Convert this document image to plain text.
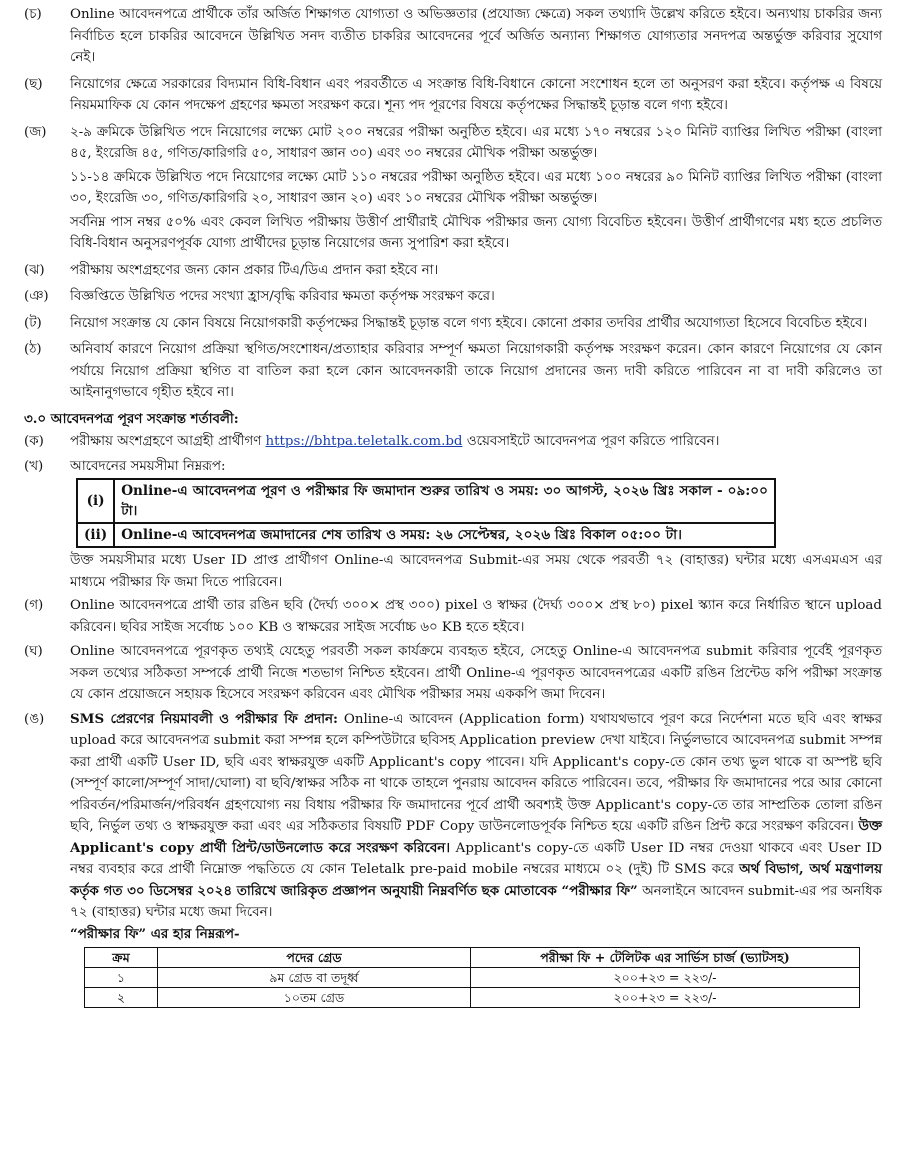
(চ)	Online আবেদনপত্রে প্রার্থীকে তাঁর অর্জিত শিক্ষাগত যোগ্যতা ও অভিজ্ঞতার (প্রযোজ্য ক্ষেত্রে) সকল তথ্যাদি উল্লেখ করিতে হইবে। অন্যথায় চাকরির জন্য নির্বাচিত হলে চাকরির আবেদনে উল্লিখিত সনদ ব্যতীত চাকরির আবেদনের পূর্বে অর্জিত অন্যান্য শিক্ষাগত যোগ্যতার সনদপত্র অন্তর্ভুক্ত করিবার সুযোগ নেই।

(ছ)	নিয়োগের ক্ষেত্রে সরকারের বিদ্যমান বিধি-বিধান এবং পরবর্তীতে এ সংক্রান্ত বিধি-বিধানে কোনো সংশোধন হলে তা অনুসরণ করা হইবে। কর্তৃপক্ষ এ বিষয়ে নিয়মমাফিক যে কোন পদক্ষেপ গ্রহণের ক্ষমতা সংরক্ষণ করে। শূন্য পদ পূরণের বিষয়ে কর্তৃপক্ষের সিদ্ধান্তই চূড়ান্ত বলে গণ্য হইবে।

(জ)	২-৯ ক্রমিকে উল্লিখিত পদে নিয়োগের লক্ষ্যে মোট ২০০ নম্বরের পরীক্ষা অনুষ্ঠিত হইবে। এর মধ্যে ১৭০ নম্বরের ১২০ মিনিট ব্যাপ্তির লিখিত পরীক্ষা (বাংলা ৪৫, ইংরেজি ৪৫, গণিত/কারিগরি ৫০, সাধারণ জ্ঞান ৩০) এবং ৩০ নম্বরের মৌখিক পরীক্ষা অন্তর্ভুক্ত।

১১-১৪ ক্রমিকে উল্লিখিত পদে নিয়োগের লক্ষ্যে মোট ১১০ নম্বরের পরীক্ষা অনুষ্ঠিত হইবে। এর মধ্যে ১০০ নম্বরের ৯০ মিনিট ব্যাপ্তির লিখিত পরীক্ষা (বাংলা ৩০, ইংরেজি ৩০, গণিত/কারিগরি ২০, সাধারণ জ্ঞান ২০) এবং ১০ নম্বরের মৌখিক পরীক্ষা অন্তর্ভুক্ত।

সর্বনিম্ন পাস নম্বর ৫০% এবং কেবল লিখিত পরীক্ষায় উত্তীর্ণ প্রার্থীরাই মৌখিক পরীক্ষার জন্য যোগ্য বিবেচিত হইবেন। উত্তীর্ণ প্রার্থীগণের মধ্য হতে প্রচলিত বিধি-বিধান অনুসরণপূর্বক যোগ্য প্রার্থীদের চূড়ান্ত নিয়োগের জন্য সুপারিশ করা হইবে।

(ঝ)	পরীক্ষায় অংশগ্রহণের জন্য কোন প্রকার টিএ/ডিএ প্রদান করা হইবে না।

(ঞ)	বিজ্ঞপ্তিতে উল্লিখিত পদের সংখ্যা হ্রাস/বৃদ্ধি করিবার ক্ষমতা কর্তৃপক্ষ সংরক্ষণ করে।

(ট)	নিয়োগ সংক্রান্ত যে কোন বিষয়ে নিয়োগকারী কর্তৃপক্ষের সিদ্ধান্তই চূড়ান্ত বলে গণ্য হইবে। কোনো প্রকার তদবির প্রার্থীর অযোগ্যতা হিসেবে বিবেচিত হইবে।

(ঠ)	অনিবার্য কারণে নিয়োগ প্রক্রিয়া স্থগিত/সংশোধন/প্রত্যাহার করিবার সম্পূর্ণ ক্ষমতা নিয়োগকারী কর্তৃপক্ষ সংরক্ষণ করেন। কোন কারণে নিয়োগের যে কোন পর্যায়ে নিয়োগ প্রক্রিয়া স্থগিত বা বাতিল করা হলে কোন আবেদনকারী তাকে নিয়োগ প্রদানের জন্য দাবী করিতে পারিবেন না বা দাবী করিলেও তা আইনানুগভাবে গৃহীত হইবে না।

৩.০ আবেদনপত্র পূরণ সংক্রান্ত শর্তাবলী:
(ক)	পরীক্ষায় অংশগ্রহণে আগ্রহী প্রার্থীগণ https://bhtpa.teletalk.com.bd ওয়েবসাইটে আবেদনপত্র পূরণ করিতে পারিবেন।
(খ)	আবেদনের সময়সীমা নিম্নরূপ:
(i)	Online-এ আবেদনপত্র পূরণ ও পরীক্ষার ফি জমাদান শুরুর তারিখ ও সময়: ৩০ আগস্ট, ২০২৬ খ্রিঃ সকাল - ০৯:০০ টা।
(ii)	Online-এ আবেদনপত্র জমাদানের শেষ তারিখ ও সময়: ২৬ সেপ্টেম্বর, ২০২৬ খ্রিঃ বিকাল ০৫:০০ টা।

উক্ত সময়সীমার মধ্যে User ID প্রাপ্ত প্রার্থীগণ Online-এ আবেদনপত্র Submit-এর সময় থেকে পরবর্তী ৭২ (বাহাত্তর) ঘন্টার মধ্যে এসএমএস এর মাধ্যমে পরীক্ষার ফি জমা দিতে পারিবেন।

(গ)	Online আবেদনপত্রে প্রার্থী তার রঙিন ছবি (দৈর্ঘ্য ৩০০× প্রস্থ ৩০০) pixel ও স্বাক্ষর (দৈর্ঘ্য ৩০০× প্রস্থ ৮০) pixel স্ক্যান করে নির্ধারিত স্থানে upload করিবেন। ছবির সাইজ সর্বোচ্চ ১০০ KB ও স্বাক্ষরের সাইজ সর্বোচ্চ ৬০ KB হতে হইবে।
(ঘ)	Online আবেদনপত্রে পূরণকৃত তথ্যই যেহেতু পরবর্তী সকল কার্যক্রমে ব্যবহৃত হইবে, সেহেতু Online-এ আবেদনপত্র submit করিবার পূর্বেই পূরণকৃত সকল তথ্যের সঠিকতা সম্পর্কে প্রার্থী নিজে শতভাগ নিশ্চিত হইবেন। প্রার্থী Online-এ পূরণকৃত আবেদনপত্রের একটি রঙিন প্রিন্টেড কপি পরীক্ষা সংক্রান্ত যে কোন প্রয়োজনে সহায়ক হিসেবে সংরক্ষণ করিবেন এবং মৌখিক পরীক্ষার সময় এককপি জমা দিবেন।
(ঙ)	SMS প্রেরণের নিয়মাবলী ও পরীক্ষার ফি প্রদান: Online-এ আবেদন (Application form) যথাযথভাবে পূরণ করে নির্দেশনা মতে ছবি এবং স্বাক্ষর upload করে আবেদনপত্র submit করা সম্পন্ন হলে কম্পিউটারে ছবিসহ Application preview দেখা যাইবে। নির্ভুলভাবে আবেদনপত্র submit সম্পন্ন করা প্রার্থী একটি User ID, ছবি এবং স্বাক্ষরযুক্ত একটি Applicant's copy পাবেন। যদি Applicant's copy-তে কোন তথ্য ভুল থাকে বা অস্পষ্ট ছবি (সম্পূর্ণ কালো/সম্পূর্ণ সাদা/ঘোলা) বা ছবি/স্বাক্ষর সঠিক না থাকে তাহলে পুনরায় আবেদন করিতে পারিবেন। তবে, পরীক্ষার ফি জমাদানের পরে আর কোনো পরিবর্তন/পরিমার্জন/পরিবর্ধন গ্রহণযোগ্য নয় বিধায় পরীক্ষার ফি জমাদানের পূর্বে প্রার্থী অবশ্যই উক্ত Applicant's copy-তে তার সাম্প্রতিক তোলা রঙিন ছবি, নির্ভুল তথ্য ও স্বাক্ষরযুক্ত করা এবং এর সঠিকতার বিষয়টি PDF Copy ডাউনলোডপূর্বক নিশ্চিত হয়ে একটি রঙিন প্রিন্ট করে সংরক্ষণ করিবেন। উক্ত Applicant's copy প্রার্থী প্রিন্ট/ডাউনলোড করে সংরক্ষণ করিবেন। Applicant's copy-তে একটি User ID নম্বর দেওয়া থাকবে এবং User ID নম্বর ব্যবহার করে প্রার্থী নিম্নোক্ত পদ্ধতিতে যে কোন Teletalk pre-paid mobile নম্বরের মাধ্যমে ০২ (দুই) টি SMS করে অর্থ বিভাগ, অর্থ মন্ত্রণালয় কর্তৃক গত ৩০ ডিসেম্বর ২০২৪ তারিখে জারিকৃত প্রজ্ঞাপন অনুযায়ী নিম্নবর্ণিত ছক মোতাবেক “পরীক্ষার ফি” অনলাইনে আবেদন submit-এর পর অনধিক ৭২ (বাহাত্তর) ঘন্টার মধ্যে জমা দিবেন।
“পরীক্ষার ফি” এর হার নিম্নরূপ-
ক্রম	পদের গ্রেড	পরীক্ষা ফি + টেলিটক এর সার্ভিস চার্জ (ভ্যাটসহ)
১	৯ম গ্রেড বা তদূর্ধ্ব	২০০+২৩ = ২২৩/-
২	১০তম গ্রেড	২০০+২৩ = ২২৩/-
